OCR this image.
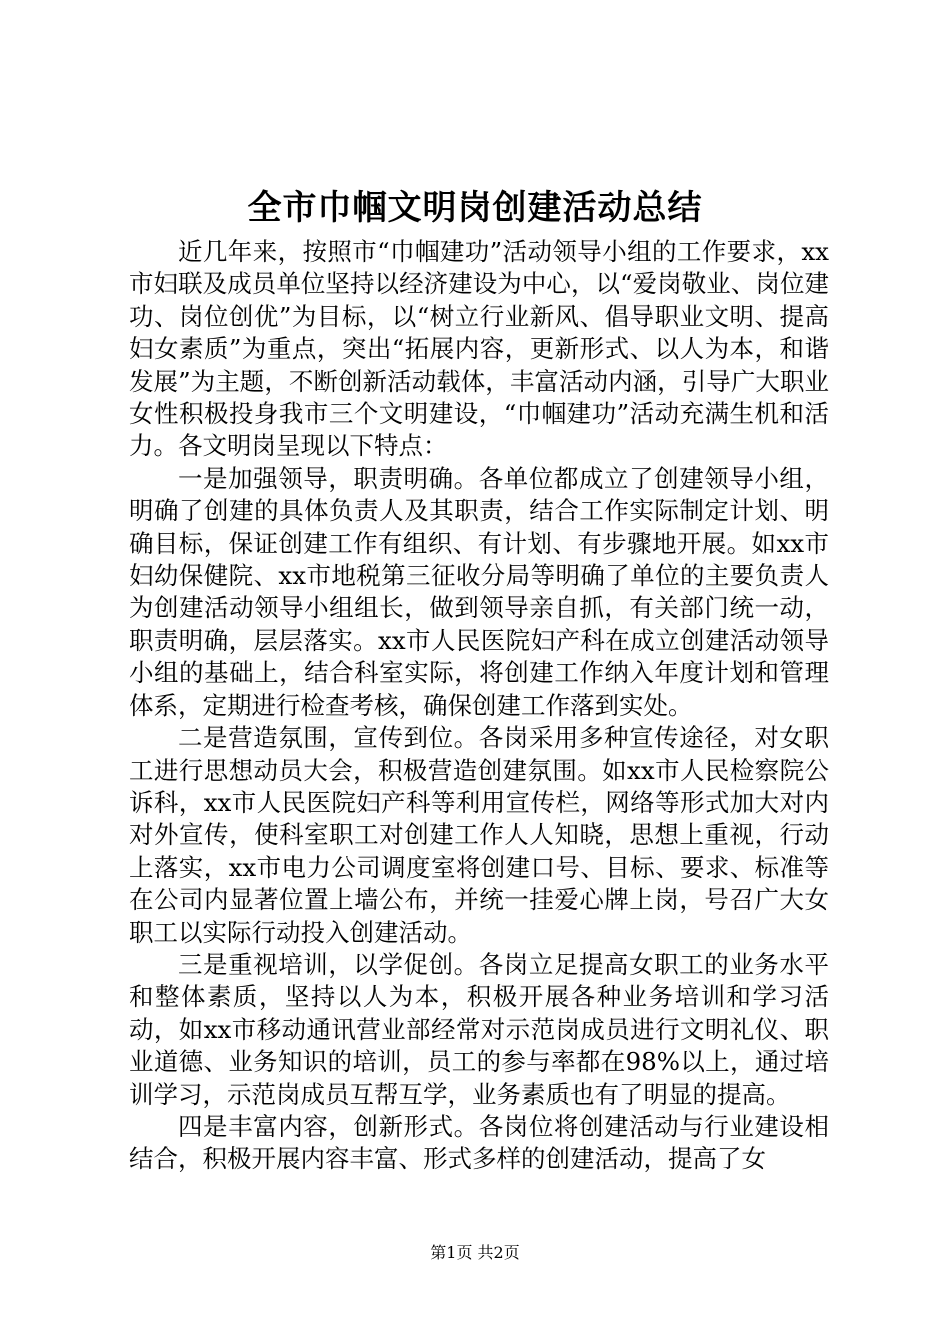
全市巾帼文明岗创建活动总结

近几年来，按照市“巾帼建功”活动领导小组的工作要求，xx市妇联及成员单位坚持以经济建设为中心，以“爱岗敬业、岗位建功、岗位创优”为目标，以“树立行业新风、倡导职业文明、提高妇女素质”为重点，突出“拓展内容，更新形式、以人为本，和谐发展”为主题，不断创新活动载体，丰富活动内涵，引导广大职业女性积极投身我市三个文明建设，“巾帼建功”活动充满生机和活力。各文明岗呈现以下特点：

一是加强领导，职责明确。各单位都成立了创建领导小组，明确了创建的具体负责人及其职责，结合工作实际制定计划、明确目标，保证创建工作有组织、有计划、有步骤地开展。如xx市妇幼保健院、xx市地税第三征收分局等明确了单位的主要负责人为创建活动领导小组组长，做到领导亲自抓，有关部门统一动，职责明确，层层落实。xx市人民医院妇产科在成立创建活动领导小组的基础上，结合科室实际，将创建工作纳入年度计划和管理体系，定期进行检查考核，确保创建工作落到实处。

二是营造氛围，宣传到位。各岗采用多种宣传途径，对女职工进行思想动员大会，积极营造创建氛围。如xx市人民检察院公诉科，xx市人民医院妇产科等利用宣传栏，网络等形式加大对内对外宣传，使科室职工对创建工作人人知晓，思想上重视，行动上落实，xx市电力公司调度室将创建口号、目标、要求、标准等在公司内显著位置上墙公布，并统一挂爱心牌上岗，号召广大女职工以实际行动投入创建活动。

三是重视培训，以学促创。各岗立足提高女职工的业务水平和整体素质，坚持以人为本，积极开展各种业务培训和学习活动，如xx市移动通讯营业部经常对示范岗成员进行文明礼仪、职业道德、业务知识的培训，员工的参与率都在98%以上，通过培训学习，示范岗成员互帮互学，业务素质也有了明显的提高。

四是丰富内容，创新形式。各岗位将创建活动与行业建设相结合，积极开展内容丰富、形式多样的创建活动，提高了女

第1页 共2页
